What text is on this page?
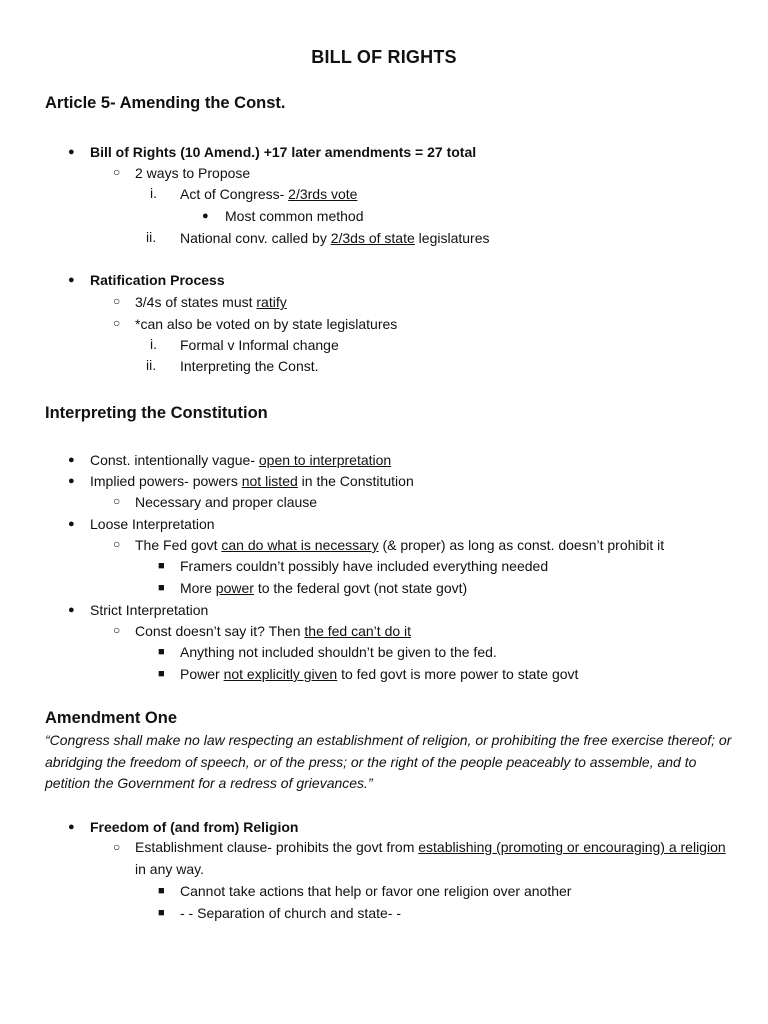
BILL OF RIGHTS
Article 5- Amending the Const.
● Bill of Rights (10 Amend.) +17 later amendments = 27 total
○ 2 ways to Propose
i. Act of Congress- 2/3rds vote
● Most common method
ii. National conv. called by 2/3ds of state legislatures
● Ratification Process
○ 3/4s of states must ratify
○ *can also be voted on by state legislatures
i. Formal v Informal change
ii. Interpreting the Const.
Interpreting the Constitution
● Const. intentionally vague- open to interpretation
● Implied powers- powers not listed in the Constitution
○ Necessary and proper clause
● Loose Interpretation
○ The Fed govt can do what is necessary (& proper) as long as const. doesn’t prohibit it
■ Framers couldn’t possibly have included everything needed
■ More power to the federal govt (not state govt)
● Strict Interpretation
○ Const doesn’t say it? Then the fed can’t do it
■ Anything not included shouldn’t be given to the fed.
■ Power not explicitly given to fed govt is more power to state govt
Amendment One
“Congress shall make no law respecting an establishment of religion, or prohibiting the free exercise thereof; or abridging the freedom of speech, or of the press; or the right of the people peaceably to assemble, and to petition the Government for a redress of grievances.”
● Freedom of (and from) Religion
○ Establishment clause- prohibits the govt from establishing (promoting or encouraging) a religion in any way.
■ Cannot take actions that help or favor one religion over another
■ - - Separation of church and state- -
